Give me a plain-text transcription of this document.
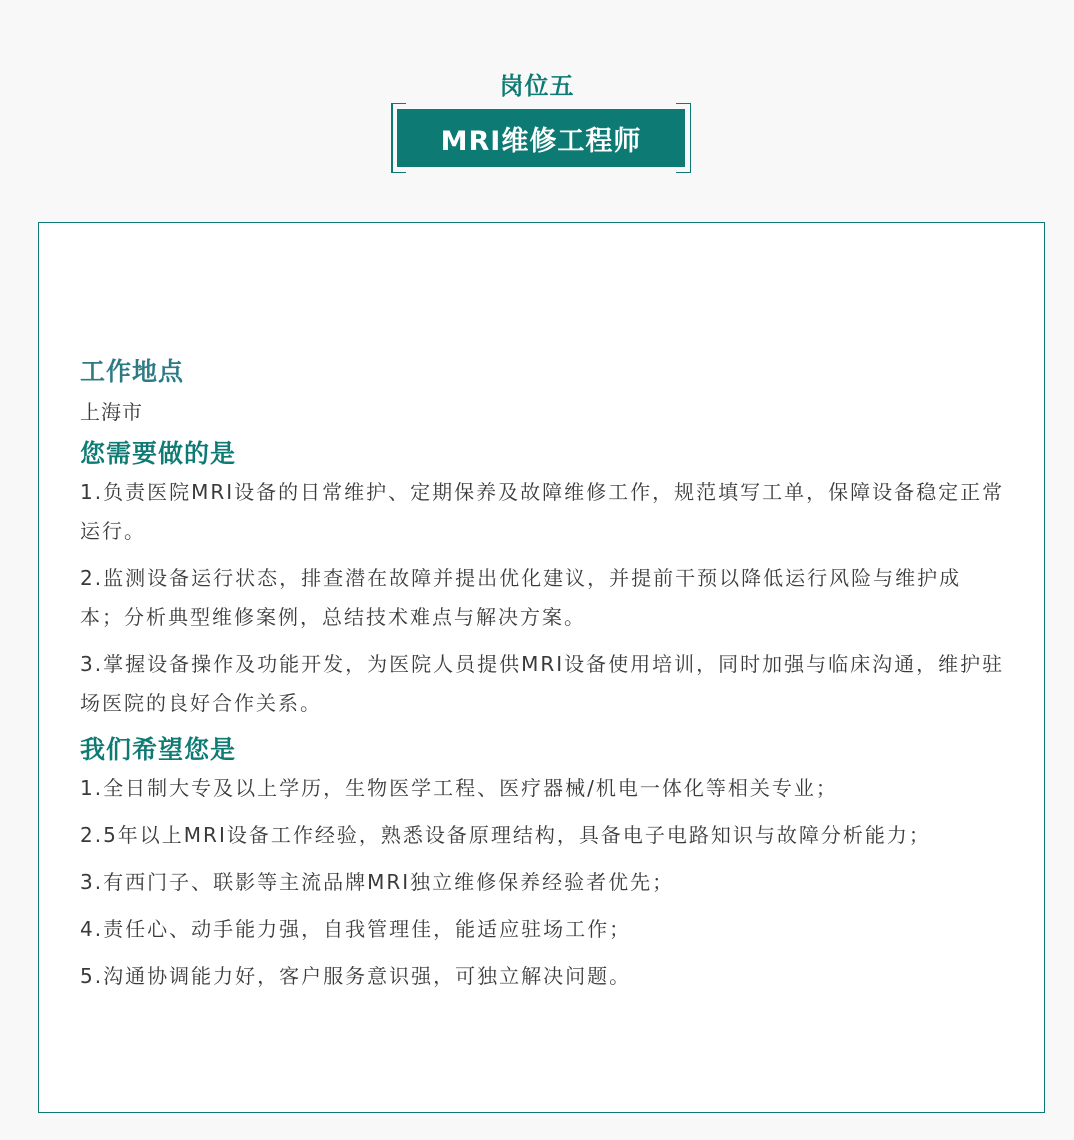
岗位五
MRI维修工程师
工作地点

上海市

您需要做的是

1.负责医院MRI设备的日常维护、定期保养及故障维修工作，规范填写工单，保障设备稳定正常运行。

2.监测设备运行状态，排查潜在故障并提出优化建议，并提前干预以降低运行风险与维护成本；分析典型维修案例，总结技术难点与解决方案。

3.掌握设备操作及功能开发，为医院人员提供MRI设备使用培训，同时加强与临床沟通，维护驻场医院的良好合作关系。

我们希望您是

1.全日制大专及以上学历，生物医学工程、医疗器械/机电一体化等相关专业；

2.5年以上MRI设备工作经验，熟悉设备原理结构，具备电子电路知识与故障分析能力；

3.有西门子、联影等主流品牌MRI独立维修保养经验者优先；

4.责任心、动手能力强，自我管理佳，能适应驻场工作；

5.沟通协调能力好，客户服务意识强，可独立解决问题。
